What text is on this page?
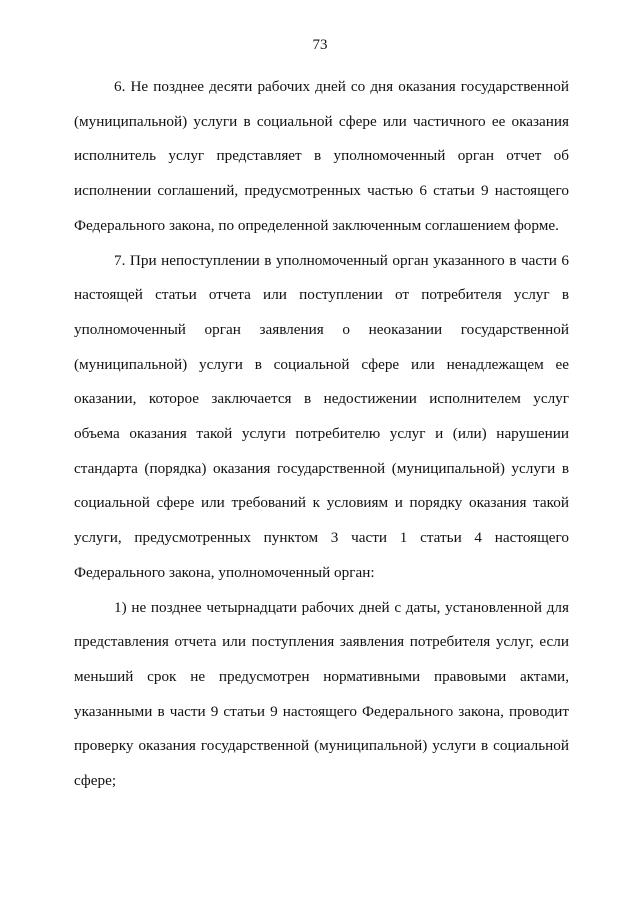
73
6. Не позднее десяти рабочих дней со дня оказания государственной
(муниципальной) услуги в социальной сфере или частичного ее оказания
исполнитель услуг представляет в уполномоченный орган отчет об
исполнении соглашений, предусмотренных частью 6 статьи 9 настоящего
Федерального закона, по определенной заключенным соглашением форме.
7. При непоступлении в уполномоченный орган указанного в части 6
настоящей статьи отчета или поступлении от потребителя услуг в
уполномоченный орган заявления о неоказании государственной
(муниципальной) услуги в социальной сфере или ненадлежащем ее
оказании, которое заключается в недостижении исполнителем услуг
объема оказания такой услуги потребителю услуг и (или) нарушении
стандарта (порядка) оказания государственной (муниципальной) услуги в
социальной сфере или требований к условиям и порядку оказания такой
услуги, предусмотренных пунктом 3 части 1 статьи 4 настоящего
Федерального закона, уполномоченный орган:
1) не позднее четырнадцати рабочих дней с даты, установленной для
представления отчета или поступления заявления потребителя услуг, если
меньший срок не предусмотрен нормативными правовыми актами,
указанными в части 9 статьи 9 настоящего Федерального закона, проводит
проверку оказания государственной (муниципальной) услуги в социальной
сфере;
